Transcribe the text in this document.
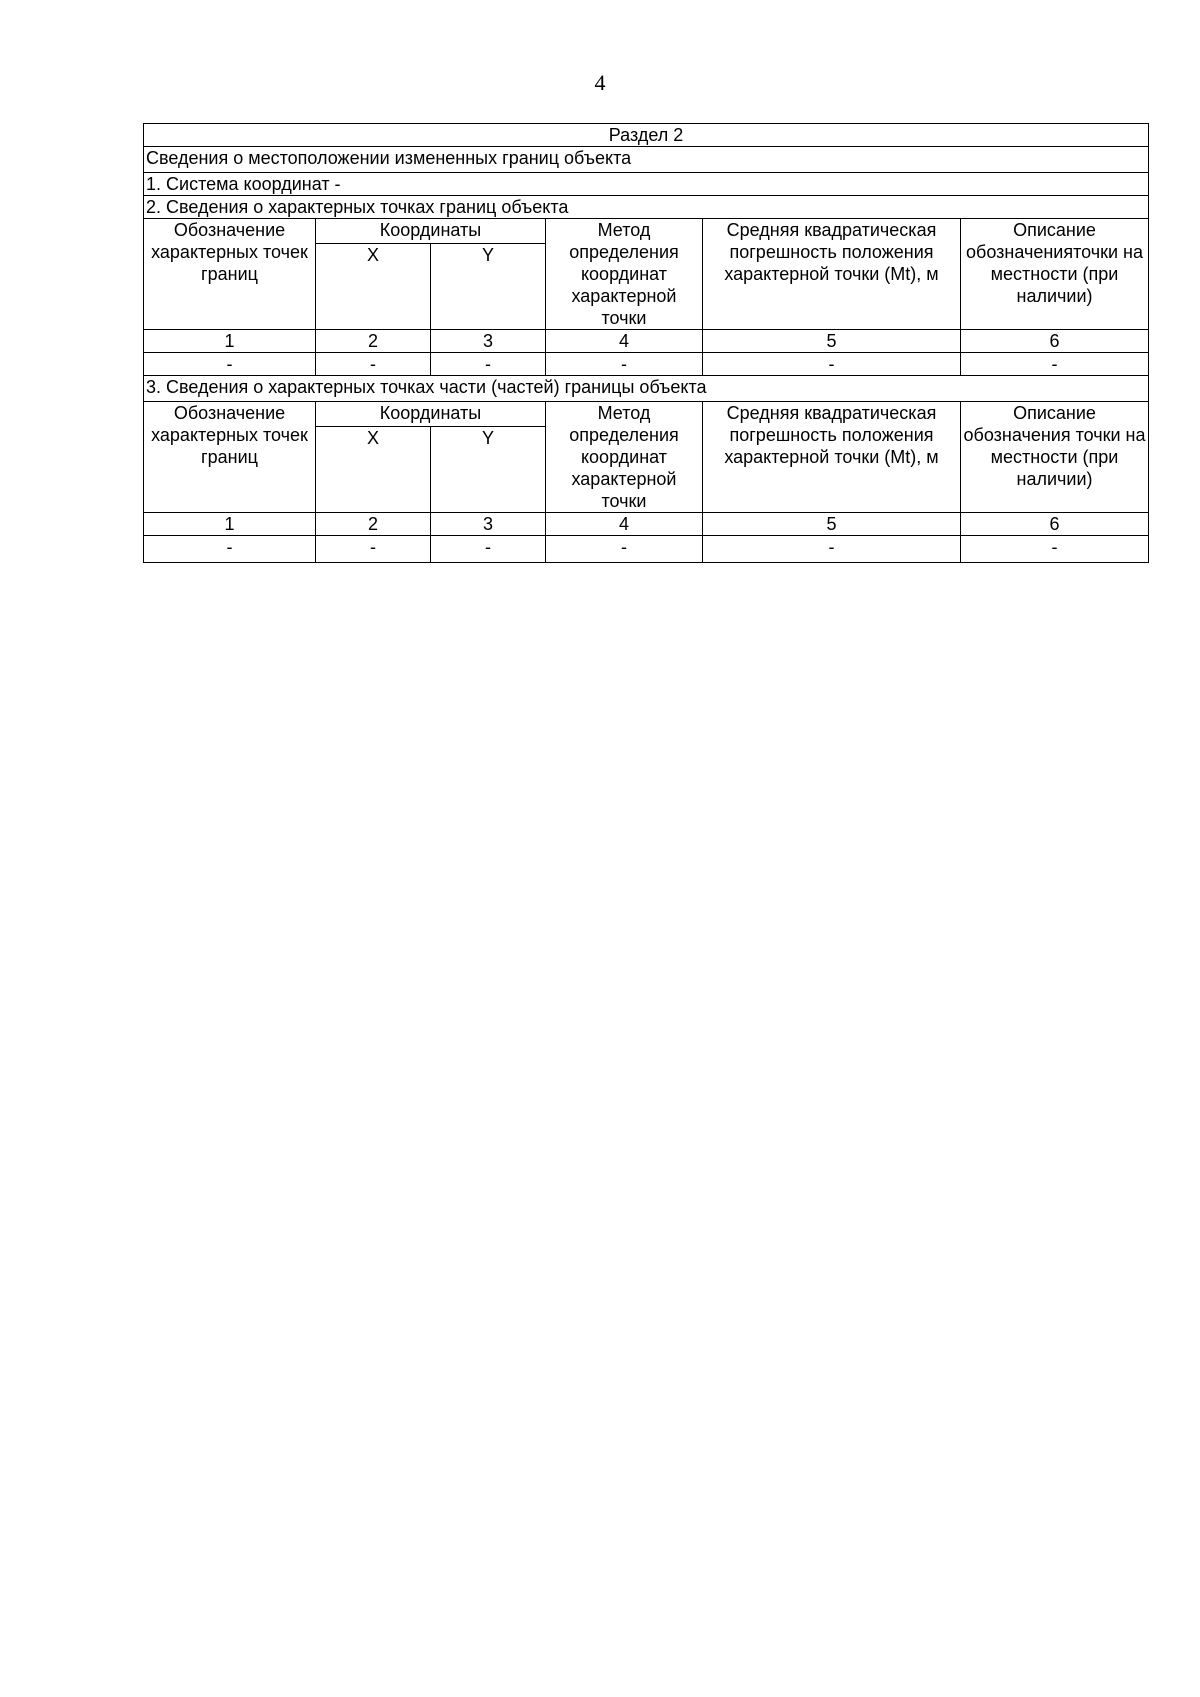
4
Раздел 2					
Сведения о местоположении измененных границ объекта					
1. Система координат -					
2. Сведения о характерных точках границ объекта					
Обозначение характерных точек границ	Координаты		Метод определения координат характерной точки	Средняя квадратическая погрешность положения характерной точки (Mt), м	Описание обозначенияточки на местности (при наличии)
	X	Y			
1	2	3	4	5	6
-	-	-	-	-	-
3. Сведения о характерных точках части (частей) границы объекта					
Обозначение характерных точек границ	Координаты		Метод определения координат характерной точки	Средняя квадратическая погрешность положения характерной точки (Mt), м	Описание обозначения точки на местности (при наличии)
	X	Y			
1	2	3	4	5	6
-	-	-	-	-	-
